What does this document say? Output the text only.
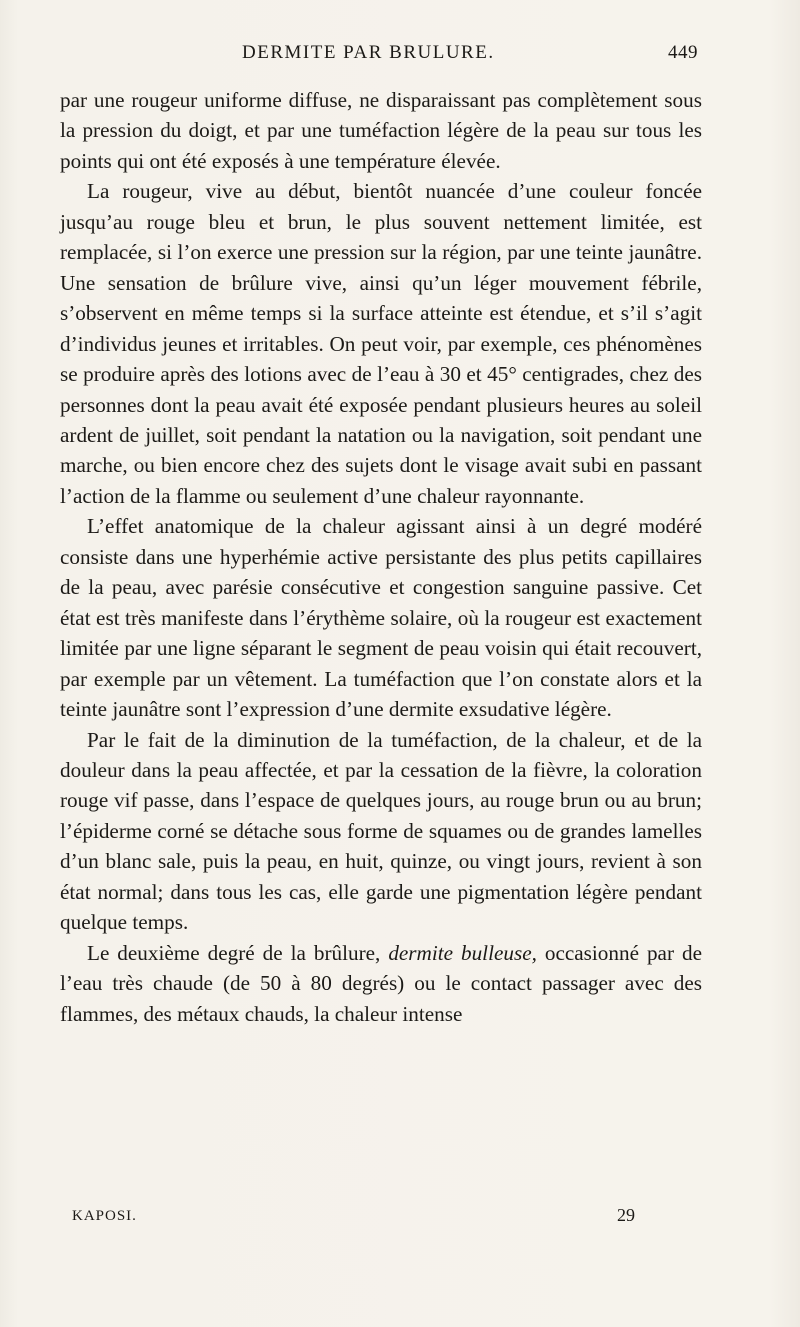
DERMITE PAR BRULURE.	449

par une rougeur uniforme diffuse, ne disparaissant pas complètement sous la pression du doigt, et par une tuméfaction légère de la peau sur tous les points qui ont été exposés à une température élevée.

La rougeur, vive au début, bientôt nuancée d’une couleur foncée jusqu’au rouge bleu et brun, le plus souvent nettement limitée, est remplacée, si l’on exerce une pression sur la région, par une teinte jaunâtre. Une sensation de brûlure vive, ainsi qu’un léger mouvement fébrile, s’observent en même temps si la surface atteinte est étendue, et s’il s’agit d’individus jeunes et irritables. On peut voir, par exemple, ces phénomènes se produire après des lotions avec de l’eau à 30 et 45° centigrades, chez des personnes dont la peau avait été exposée pendant plusieurs heures au soleil ardent de juillet, soit pendant la natation ou la navigation, soit pendant une marche, ou bien encore chez des sujets dont le visage avait subi en passant l’action de la flamme ou seulement d’une chaleur rayonnante.

L’effet anatomique de la chaleur agissant ainsi à un degré modéré consiste dans une hyperhémie active persistante des plus petits capillaires de la peau, avec parésie consécutive et congestion sanguine passive. Cet état est très manifeste dans l’érythème solaire, où la rougeur est exactement limitée par une ligne séparant le segment de peau voisin qui était recouvert, par exemple par un vêtement. La tuméfaction que l’on constate alors et la teinte jaunâtre sont l’expression d’une dermite exsudative légère.

Par le fait de la diminution de la tuméfaction, de la chaleur, et de la douleur dans la peau affectée, et par la cessation de la fièvre, la coloration rouge vif passe, dans l’espace de quelques jours, au rouge brun ou au brun; l’épiderme corné se détache sous forme de squames ou de grandes lamelles d’un blanc sale, puis la peau, en huit, quinze, ou vingt jours, revient à son état normal; dans tous les cas, elle garde une pigmentation légère pendant quelque temps.

Le deuxième degré de la brûlure, dermite bulleuse, occasionné par de l’eau très chaude (de 50 à 80 degrés) ou le contact passager avec des flammes, des métaux chauds, la chaleur intense

KAPOSI.	29
